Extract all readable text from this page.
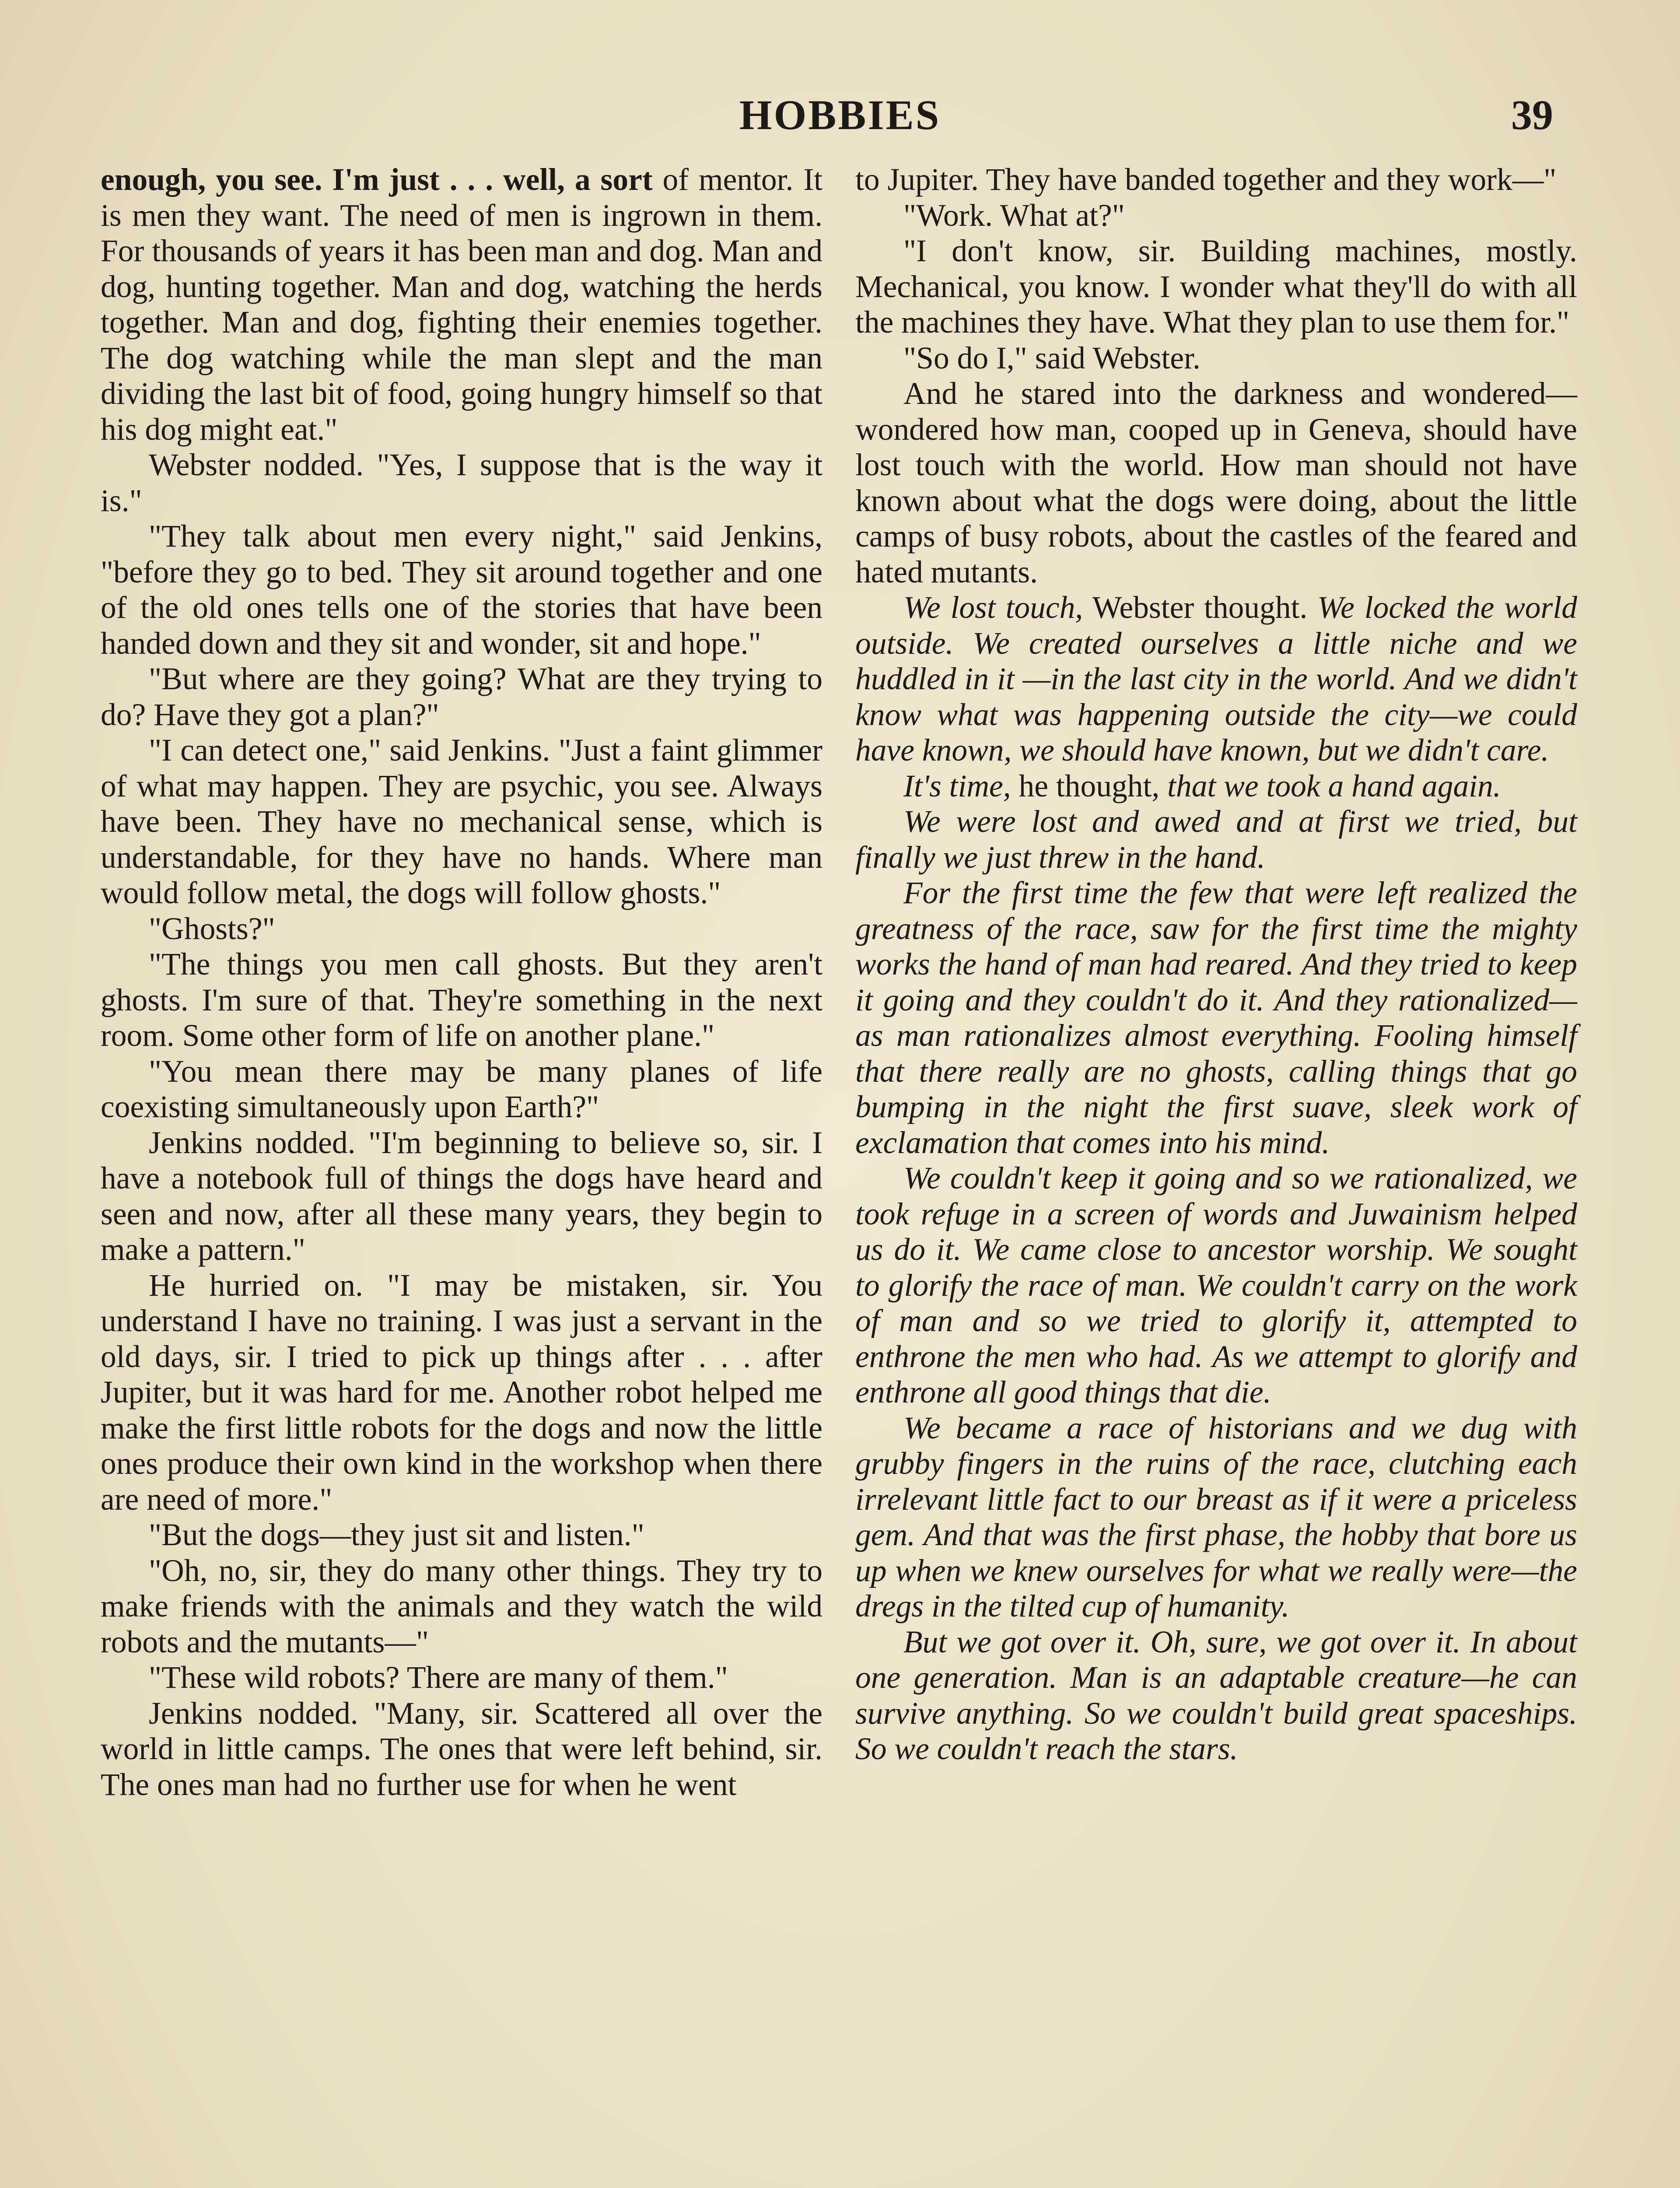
HOBBIES	39

enough, you see. I'm just . . . well, a sort of mentor. It is men they want. The need of men is ingrown in them. For thousands of years it has been man and dog. Man and dog, hunting together. Man and dog, watching the herds together. Man and dog, fighting their enemies together. The dog watching while the man slept and the man dividing the last bit of food, going hungry himself so that his dog might eat."

Webster nodded. "Yes, I suppose that is the way it is."

"They talk about men every night," said Jenkins, "before they go to bed. They sit around together and one of the old ones tells one of the stories that have been handed down and they sit and wonder, sit and hope."

"But where are they going? What are they trying to do? Have they got a plan?"

"I can detect one," said Jenkins. "Just a faint glimmer of what may happen. They are psychic, you see. Always have been. They have no mechanical sense, which is understandable, for they have no hands. Where man would follow metal, the dogs will follow ghosts."

"Ghosts?"

"The things you men call ghosts. But they aren't ghosts. I'm sure of that. They're something in the next room. Some other form of life on another plane."

"You mean there may be many planes of life coexisting simultaneously upon Earth?"

Jenkins nodded. "I'm beginning to believe so, sir. I have a notebook full of things the dogs have heard and seen and now, after all these many years, they begin to make a pattern."

He hurried on. "I may be mistaken, sir. You understand I have no training. I was just a servant in the old days, sir. I tried to pick up things after . . . after Jupiter, but it was hard for me. Another robot helped me make the first little robots for the dogs and now the little ones produce their own kind in the workshop when there are need of more."

"But the dogs—they just sit and listen."

"Oh, no, sir, they do many other things. They try to make friends with the animals and they watch the wild robots and the mutants—"

"These wild robots? There are many of them."

Jenkins nodded. "Many, sir. Scattered all over the world in little camps. The ones that were left behind, sir. The ones man had no further use for when he went

to Jupiter. They have banded together and they work—"

"Work. What at?"

"I don't know, sir. Building machines, mostly. Mechanical, you know. I wonder what they'll do with all the machines they have. What they plan to use them for."

"So do I," said Webster.

And he stared into the darkness and wondered—wondered how man, cooped up in Geneva, should have lost touch with the world. How man should not have known about what the dogs were doing, about the little camps of busy robots, about the castles of the feared and hated mutants.

We lost touch, Webster thought. We locked the world outside. We created ourselves a little niche and we huddled in it —in the last city in the world. And we didn't know what was happening outside the city—we could have known, we should have known, but we didn't care.

It's time, he thought, that we took a hand again.

We were lost and awed and at first we tried, but finally we just threw in the hand.

For the first time the few that were left realized the greatness of the race, saw for the first time the mighty works the hand of man had reared. And they tried to keep it going and they couldn't do it. And they rationalized—as man rationalizes almost everything. Fooling himself that there really are no ghosts, calling things that go bumping in the night the first suave, sleek work of exclamation that comes into his mind.

We couldn't keep it going and so we rationalized, we took refuge in a screen of words and Juwainism helped us do it. We came close to ancestor worship. We sought to glorify the race of man. We couldn't carry on the work of man and so we tried to glorify it, attempted to enthrone the men who had. As we attempt to glorify and enthrone all good things that die.

We became a race of historians and we dug with grubby fingers in the ruins of the race, clutching each irrelevant little fact to our breast as if it were a priceless gem. And that was the first phase, the hobby that bore us up when we knew ourselves for what we really were—the dregs in the tilted cup of humanity.

But we got over it. Oh, sure, we got over it. In about one generation. Man is an adaptable creature—he can survive anything. So we couldn't build great spaceships. So we couldn't reach the stars.
